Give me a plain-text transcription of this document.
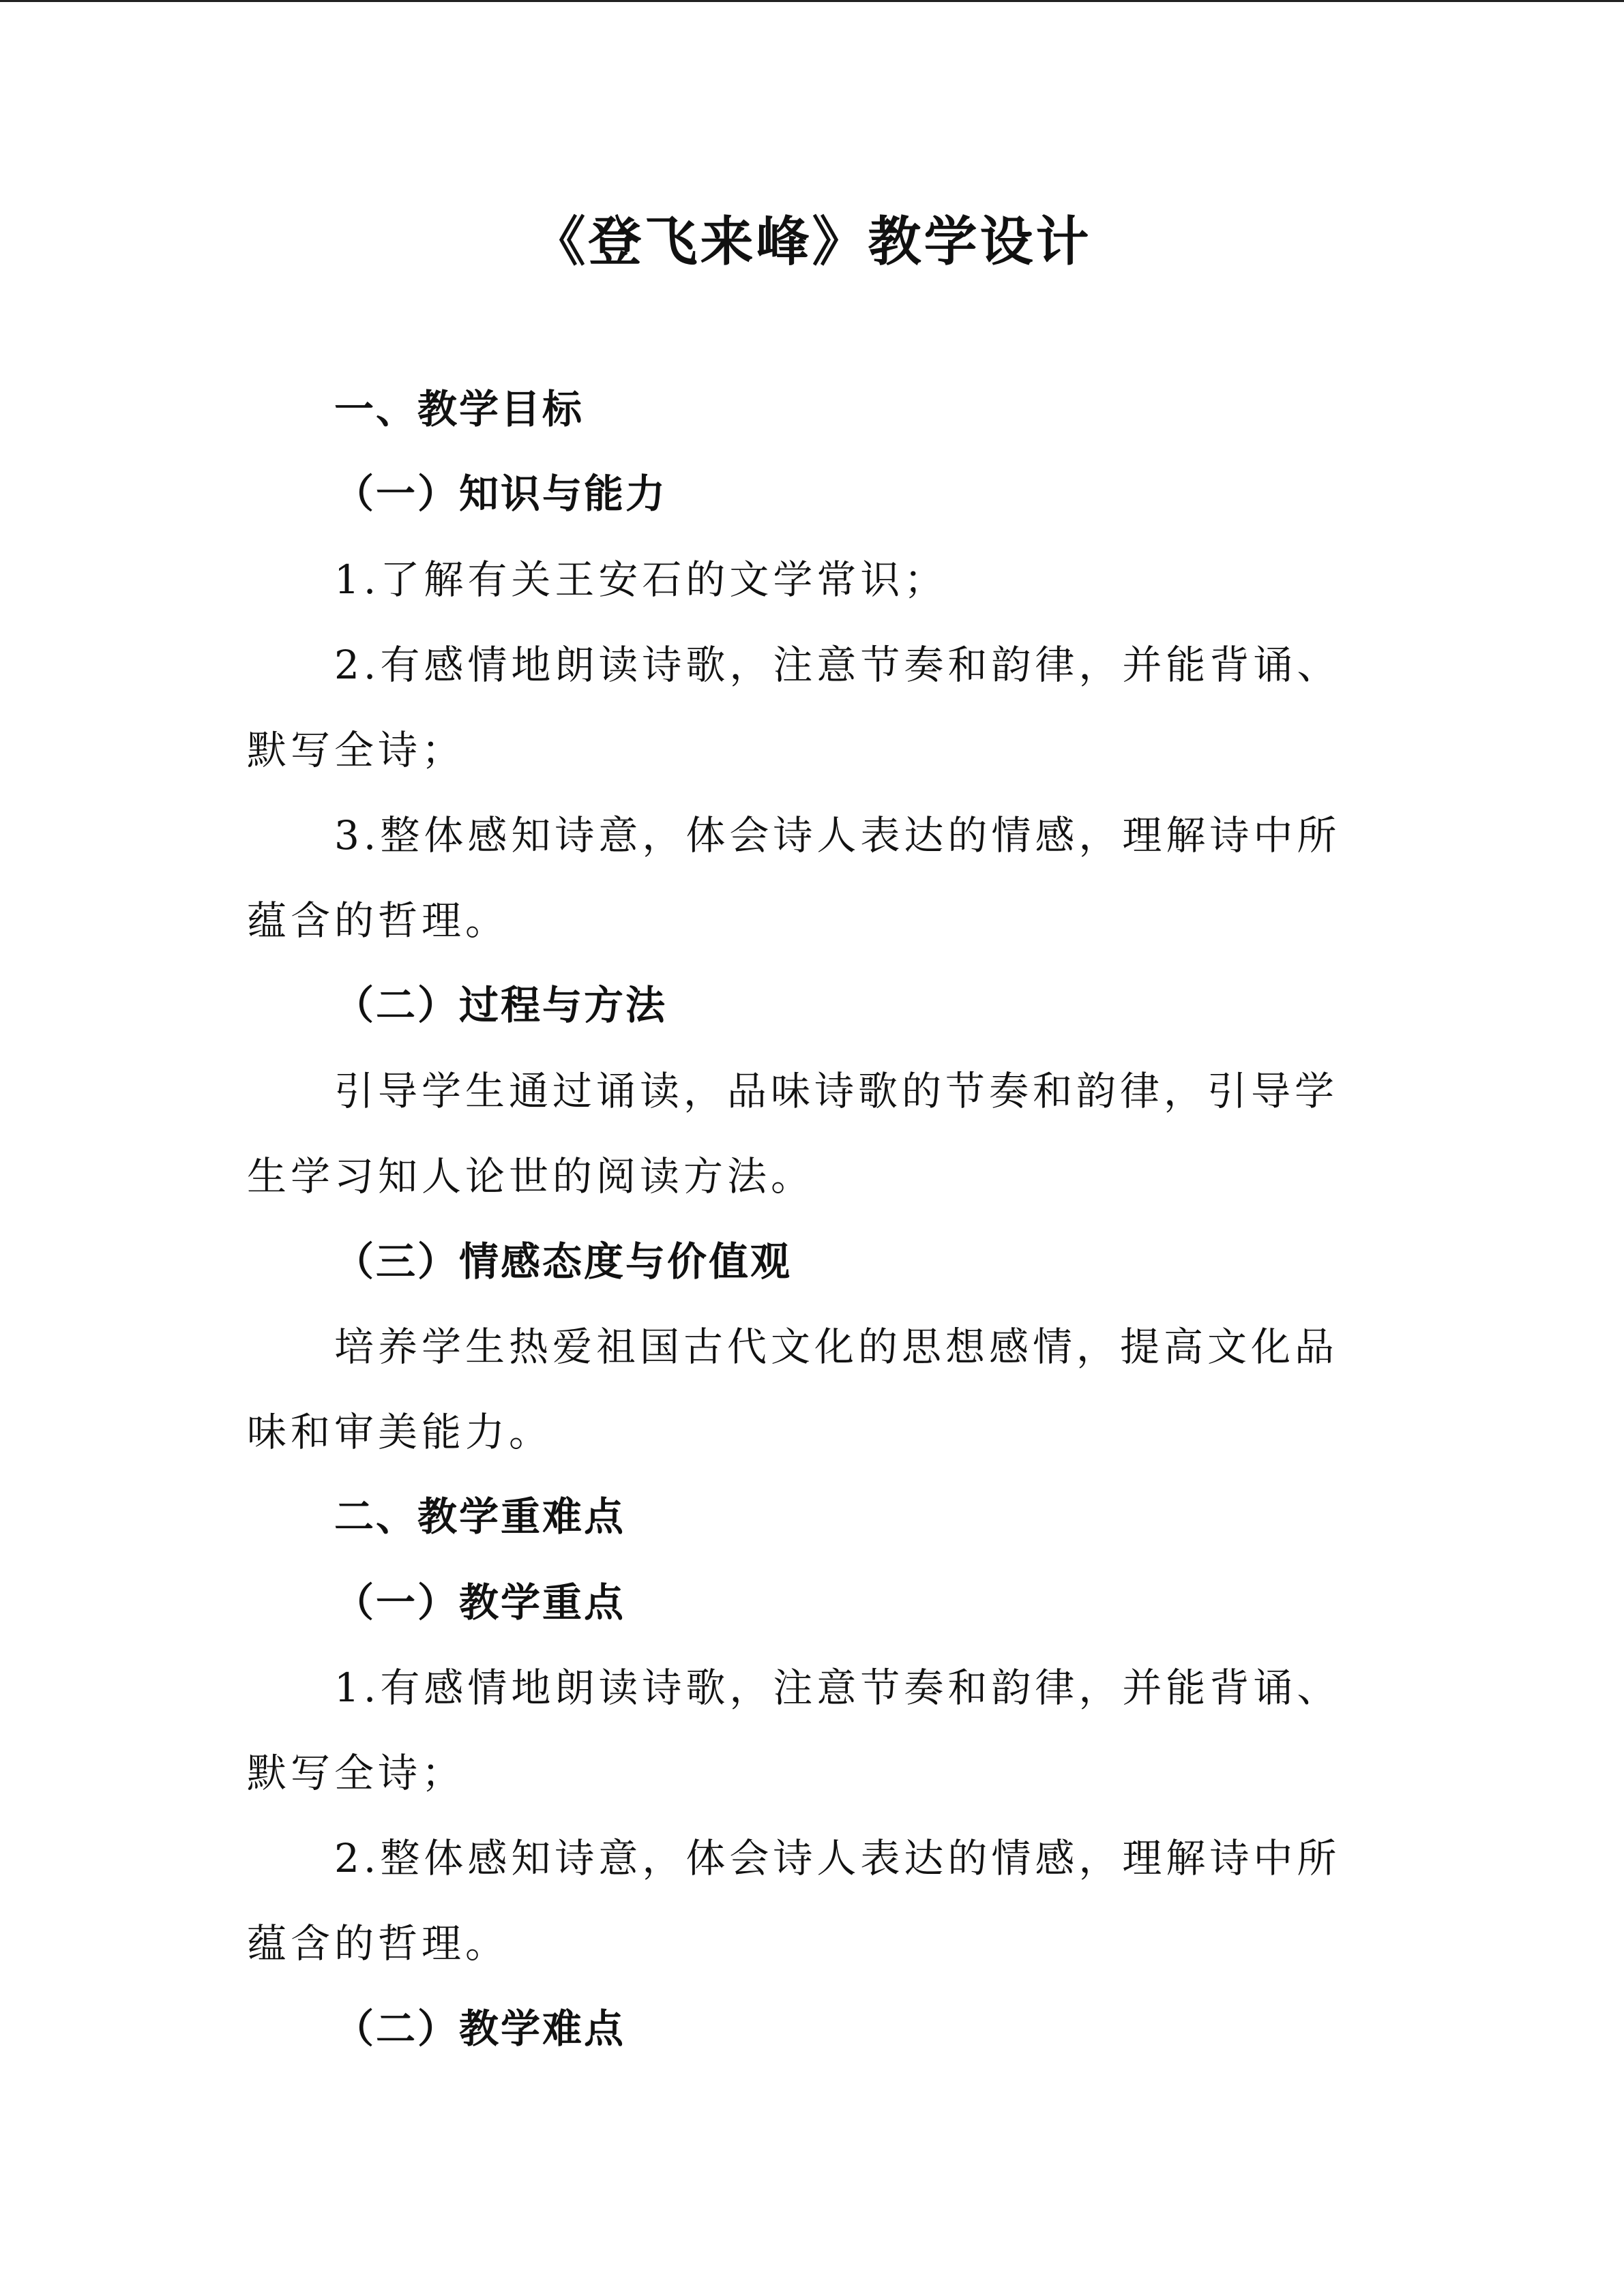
《登飞来峰》教学设计
一、教学目标
（一）知识与能力
1.了解有关王安石的文学常识；
2.有感情地朗读诗歌，注意节奏和韵律，并能背诵、
默写全诗；
3.整体感知诗意，体会诗人表达的情感，理解诗中所
蕴含的哲理。
（二）过程与方法
引导学生通过诵读，品味诗歌的节奏和韵律，引导学
生学习知人论世的阅读方法。
（三）情感态度与价值观
培养学生热爱祖国古代文化的思想感情，提高文化品
味和审美能力。
二、教学重难点
（一）教学重点
1.有感情地朗读诗歌，注意节奏和韵律，并能背诵、
默写全诗；
2.整体感知诗意，体会诗人表达的情感，理解诗中所
蕴含的哲理。
（二）教学难点
